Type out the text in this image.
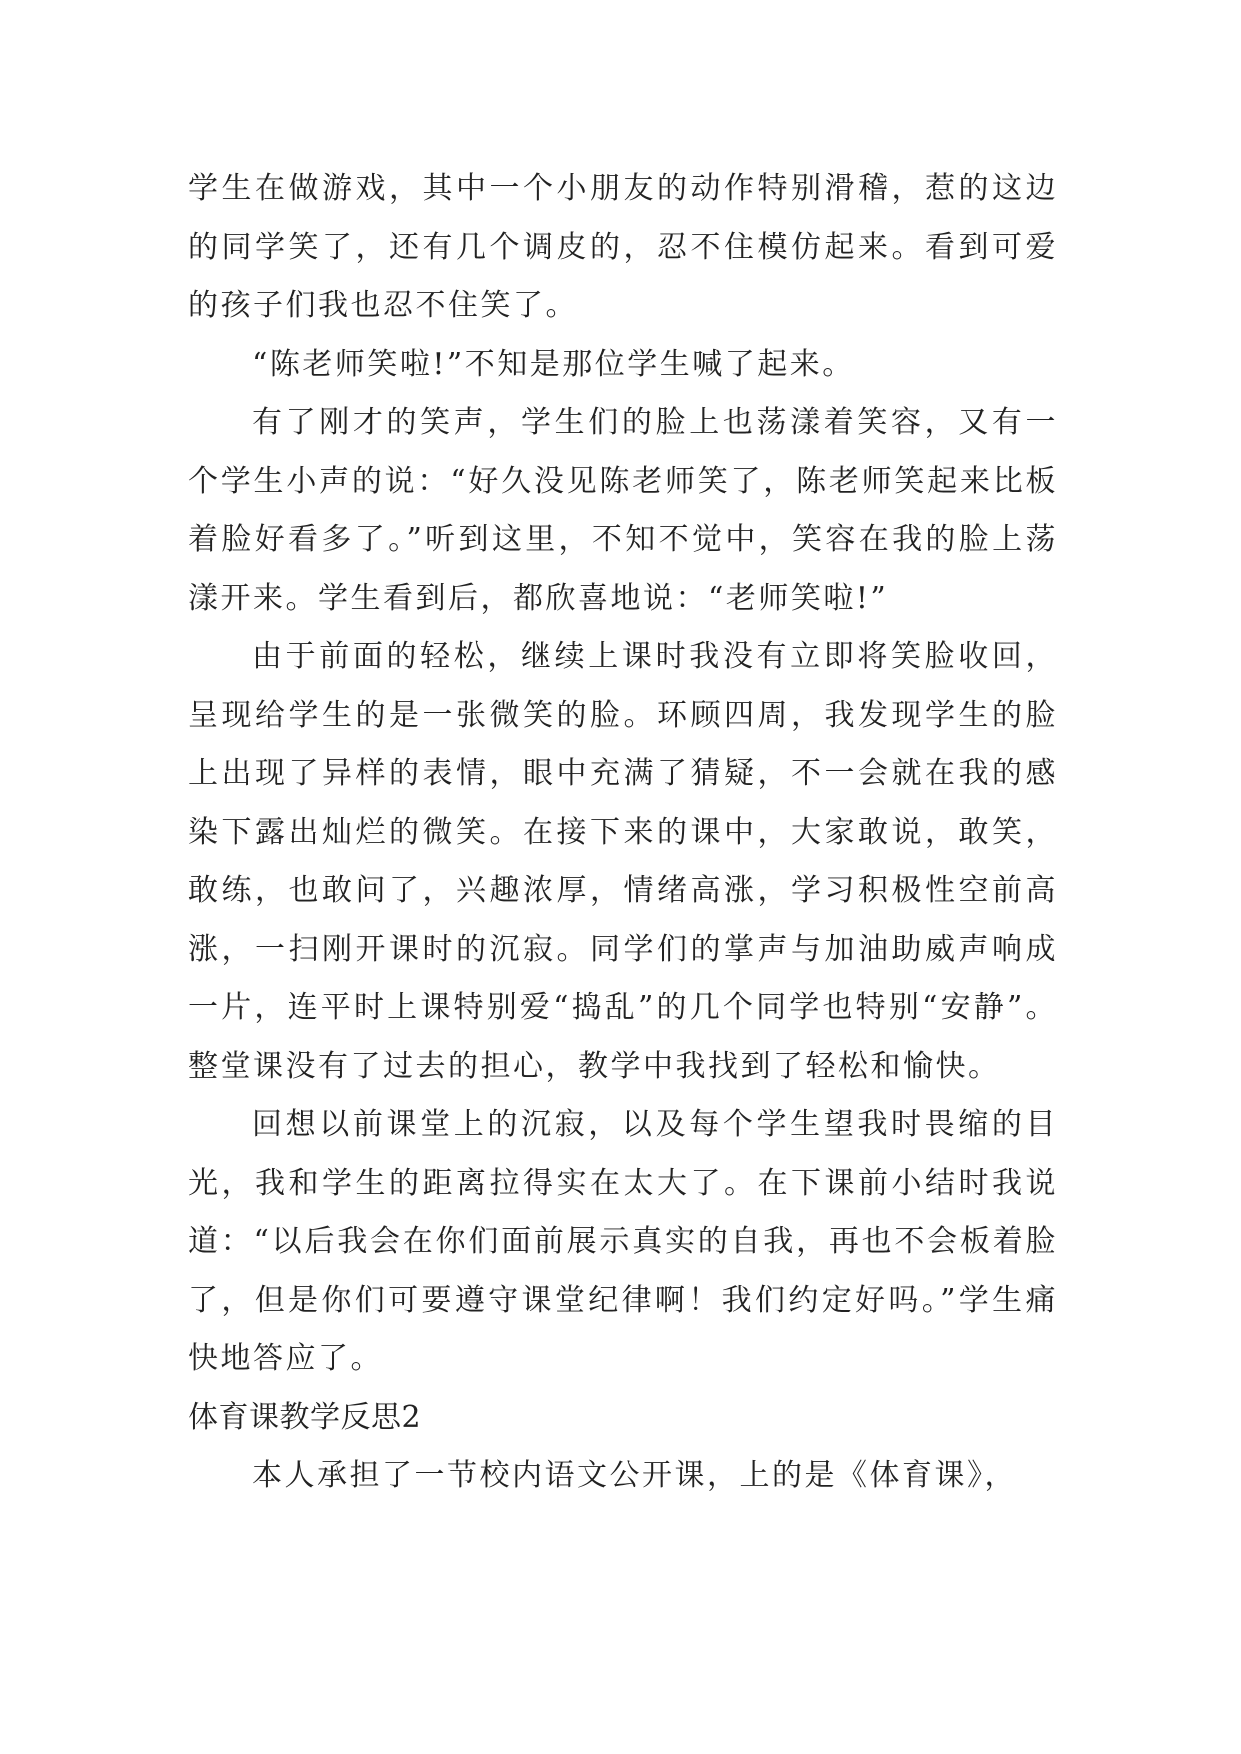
学生在做游戏，其中一个小朋友的动作特别滑稽，惹的这边的同学笑了，还有几个调皮的，忍不住模仿起来。看到可爱的孩子们我也忍不住笑了。

“陈老师笑啦!”不知是那位学生喊了起来。

有了刚才的笑声，学生们的脸上也荡漾着笑容，又有一个学生小声的说：“好久没见陈老师笑了，陈老师笑起来比板着脸好看多了。”听到这里，不知不觉中，笑容在我的脸上荡漾开来。学生看到后，都欣喜地说：“老师笑啦!”

由于前面的轻松，继续上课时我没有立即将笑脸收回，呈现给学生的是一张微笑的脸。环顾四周，我发现学生的脸上出现了异样的表情，眼中充满了猜疑，不一会就在我的感染下露出灿烂的微笑。在接下来的课中，大家敢说，敢笑，敢练，也敢问了，兴趣浓厚，情绪高涨，学习积极性空前高涨，一扫刚开课时的沉寂。同学们的掌声与加油助威声响成一片，连平时上课特别爱“捣乱”的几个同学也特别“安静”。整堂课没有了过去的担心，教学中我找到了轻松和愉快。

回想以前课堂上的沉寂，以及每个学生望我时畏缩的目光，我和学生的距离拉得实在太大了。在下课前小结时我说道：“以后我会在你们面前展示真实的自我，再也不会板着脸了，但是你们可要遵守课堂纪律啊！我们约定好吗。”学生痛快地答应了。

体育课教学反思2

本人承担了一节校内语文公开课，上的是《体育课》，
